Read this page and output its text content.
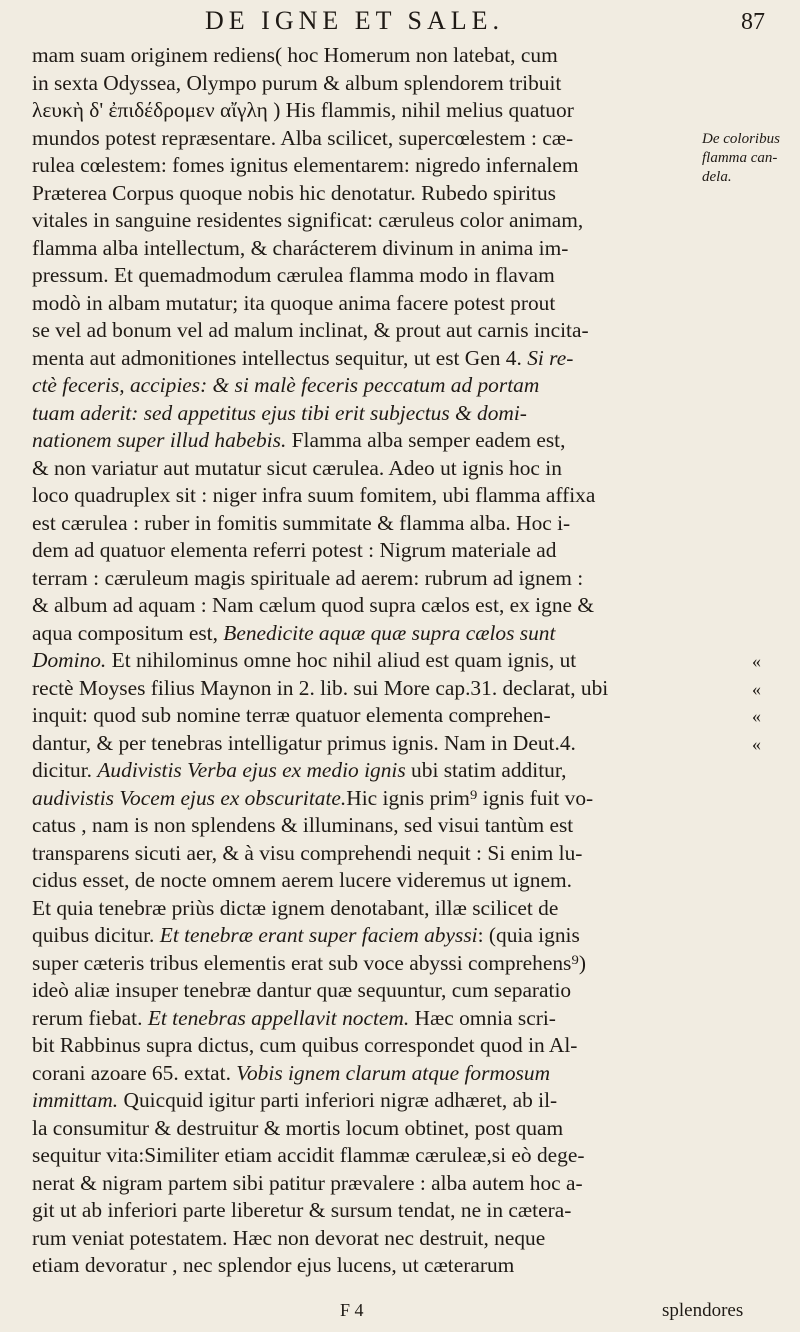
DE IGNE ET SALE.	87
mam suam originem rediens( hoc Homerum non latebat, cum
in sexta Odyssea, Olympo purum & album splendorem tribuit
λευκὴ δ' ἐπιδέδρομεν αἴγλη ) His flammis, nihil melius quatuor
mundos potest repræsentare. Alba scilicet, supercœlestem : cæ-
rulea cœlestem: fomes ignitus elementarem: nigredo infernalem
Præterea Corpus quoque nobis hic denotatur. Rubedo spiritus
vitales in sanguine residentes significat: cæruleus color animam,
flamma alba intellectum, & charácterem divinum in anima im-
pressum. Et quemadmodum cærulea flamma modo in flavam
modò in albam mutatur; ita quoque anima facere potest prout
se vel ad bonum vel ad malum inclinat, & prout aut carnis incita-
menta aut admonitiones intellectus sequitur, ut est Gen 4. Si re-
ctè feceris, accipies: & si malè feceris peccatum ad portam
tuam aderit: sed appetitus ejus tibi erit subjectus & domi-
nationem super illud habebis. Flamma alba semper eadem est,
& non variatur aut mutatur sicut cærulea. Adeo ut ignis hoc in
loco quadruplex sit : niger infra suum fomitem, ubi flamma affixa
est cærulea : ruber in fomitis summitate & flamma alba. Hoc i-
dem ad quatuor elementa referri potest : Nigrum materiale ad
terram : cæruleum magis spirituale ad aerem: rubrum ad ignem :
& album ad aquam : Nam cælum quod supra cælos est, ex igne &
aqua compositum est, Benedicite aquæ quæ supra cælos sunt
Domino. Et nihilominus omne hoc nihil aliud est quam ignis, ut
rectè Moyses filius Maynon in 2. lib. sui More cap.31. declarat, ubi
inquit: quod sub nomine terræ quatuor elementa comprehen-
dantur, & per tenebras intelligatur primus ignis. Nam in Deut.4.
dicitur. Audivistis Verba ejus ex medio ignis ubi statim additur,
audivistis Vocem ejus ex obscuritate.Hic ignis prim⁹ ignis fuit vo-
catus , nam is non splendens & illuminans, sed visui tantùm est
transparens sicuti aer, & à visu comprehendi nequit : Si enim lu-
cidus esset, de nocte omnem aerem lucere videremus ut ignem.
Et quia tenebræ priùs dictæ ignem denotabant, illæ scilicet de
quibus dicitur. Et tenebræ erant super faciem abyssi: (quia ignis
super cæteris tribus elementis erat sub voce abyssi comprehens⁹)
ideò aliæ insuper tenebræ dantur quæ sequuntur, cum separatio
rerum fiebat. Et tenebras appellavit noctem. Hæc omnia scri-
bit Rabbinus supra dictus, cum quibus correspondet quod in Al-
corani azoare 65. extat. Vobis ignem clarum atque formosum
immittam. Quicquid igitur parti inferiori nigræ adhæret, ab il-
la consumitur & destruitur & mortis locum obtinet, post quam
sequitur vita:Similiter etiam accidit flammæ cæruleæ,si eò dege-
nerat & nigram partem sibi patitur prævalere : alba autem hoc a-
git ut ab inferiori parte liberetur & sursum tendat, ne in cætera-
rum veniat potestatem. Hæc non devorat nec destruit, neque
etiam devoratur , nec splendor ejus lucens, ut cæterarum
De coloribus
flamma can-
dela.
«
«
«
«
F 4	splendores
